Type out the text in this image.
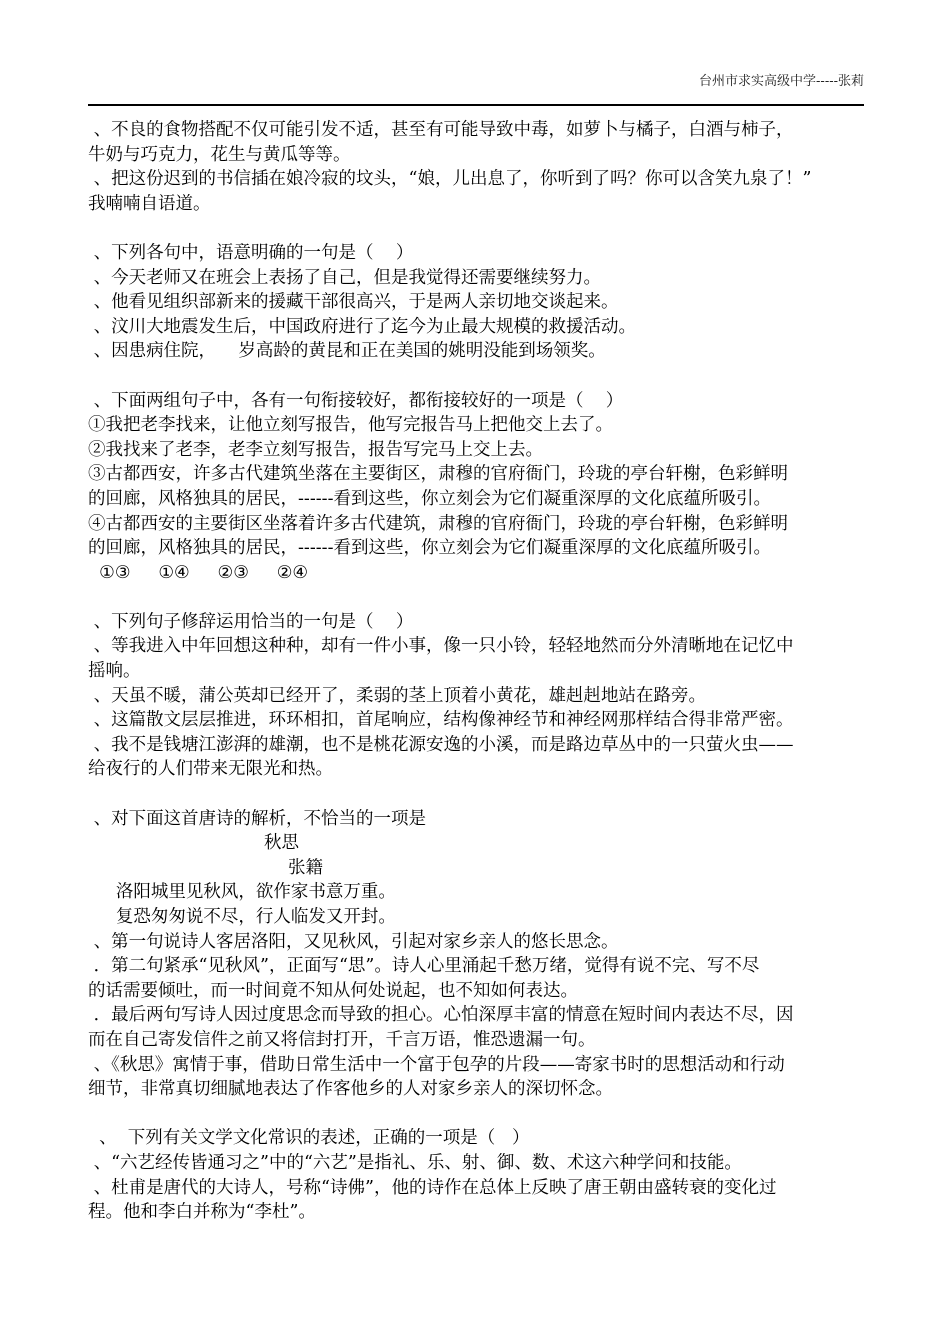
台州市求实高级中学-----张莉
、不良的食物搭配不仅可能引发不适，甚至有可能导致中毒，如萝卜与橘子，白酒与柿子，
牛奶与巧克力，花生与黄瓜等等。
、把这份迟到的书信插在娘冷寂的坟头，“娘，儿出息了，你听到了吗？你可以含笑九泉了！”
我喃喃自语道。
、下列各句中，语意明确的一句是（    ）
、今天老师又在班会上表扬了自己，但是我觉得还需要继续努力。
、他看见组织部新来的援藏干部很高兴，于是两人亲切地交谈起来。
、汶川大地震发生后，中国政府进行了迄今为止最大规模的救援活动。
、因患病住院，    岁高龄的黄昆和正在美国的姚明没能到场领奖。
、下面两组句子中，各有一句衔接较好，都衔接较好的一项是（    ）
①我把老李找来，让他立刻写报告，他写完报告马上把他交上去了。
②我找来了老李，老李立刻写报告，报告写完马上交上去。
③古都西安，许多古代建筑坐落在主要街区，肃穆的官府衙门，玲珑的亭台轩榭，色彩鲜明
的回廊，风格独具的居民，------看到这些，你立刻会为它们凝重深厚的文化底蕴所吸引。
④古都西安的主要街区坐落着许多古代建筑，肃穆的官府衙门，玲珑的亭台轩榭，色彩鲜明
的回廊，风格独具的居民，------看到这些，你立刻会为它们凝重深厚的文化底蕴所吸引。
①③     ①④     ②③     ②④
、下列句子修辞运用恰当的一句是（    ）
、等我进入中年回想这种种，却有一件小事，像一只小铃，轻轻地然而分外清晰地在记忆中
摇响。
、天虽不暖，蒲公英却已经开了，柔弱的茎上顶着小黄花，雄赳赳地站在路旁。
、这篇散文层层推进，环环相扣，首尾响应，结构像神经节和神经网那样结合得非常严密。
、我不是钱塘江澎湃的雄潮，也不是桃花源安逸的小溪，而是路边草丛中的一只萤火虫——
给夜行的人们带来无限光和热。
、对下面这首唐诗的解析，不恰当的一项是
秋思
张籍
洛阳城里见秋风，欲作家书意万重。
复恐匆匆说不尽，行人临发又开封。
、第一句说诗人客居洛阳，又见秋风，引起对家乡亲人的悠长思念。
．第二句紧承“见秋风”，正面写“思”。诗人心里涌起千愁万绪，觉得有说不完、写不尽
的话需要倾吐，而一时间竟不知从何处说起，也不知如何表达。
．最后两句写诗人因过度思念而导致的担心。心怕深厚丰富的情意在短时间内表达不尽，因
而在自己寄发信件之前又将信封打开，千言万语，惟恐遗漏一句。
、《秋思》寓情于事，借助日常生活中一个富于包孕的片段——寄家书时的思想活动和行动
细节，非常真切细腻地表达了作客他乡的人对家乡亲人的深切怀念。
、  下列有关文学文化常识的表述，正确的一项是（   ）
、“六艺经传皆通习之”中的“六艺”是指礼、乐、射、御、数、术这六种学问和技能。
、杜甫是唐代的大诗人，号称“诗佛”，他的诗作在总体上反映了唐王朝由盛转衰的变化过
程。他和李白并称为“李杜”。
